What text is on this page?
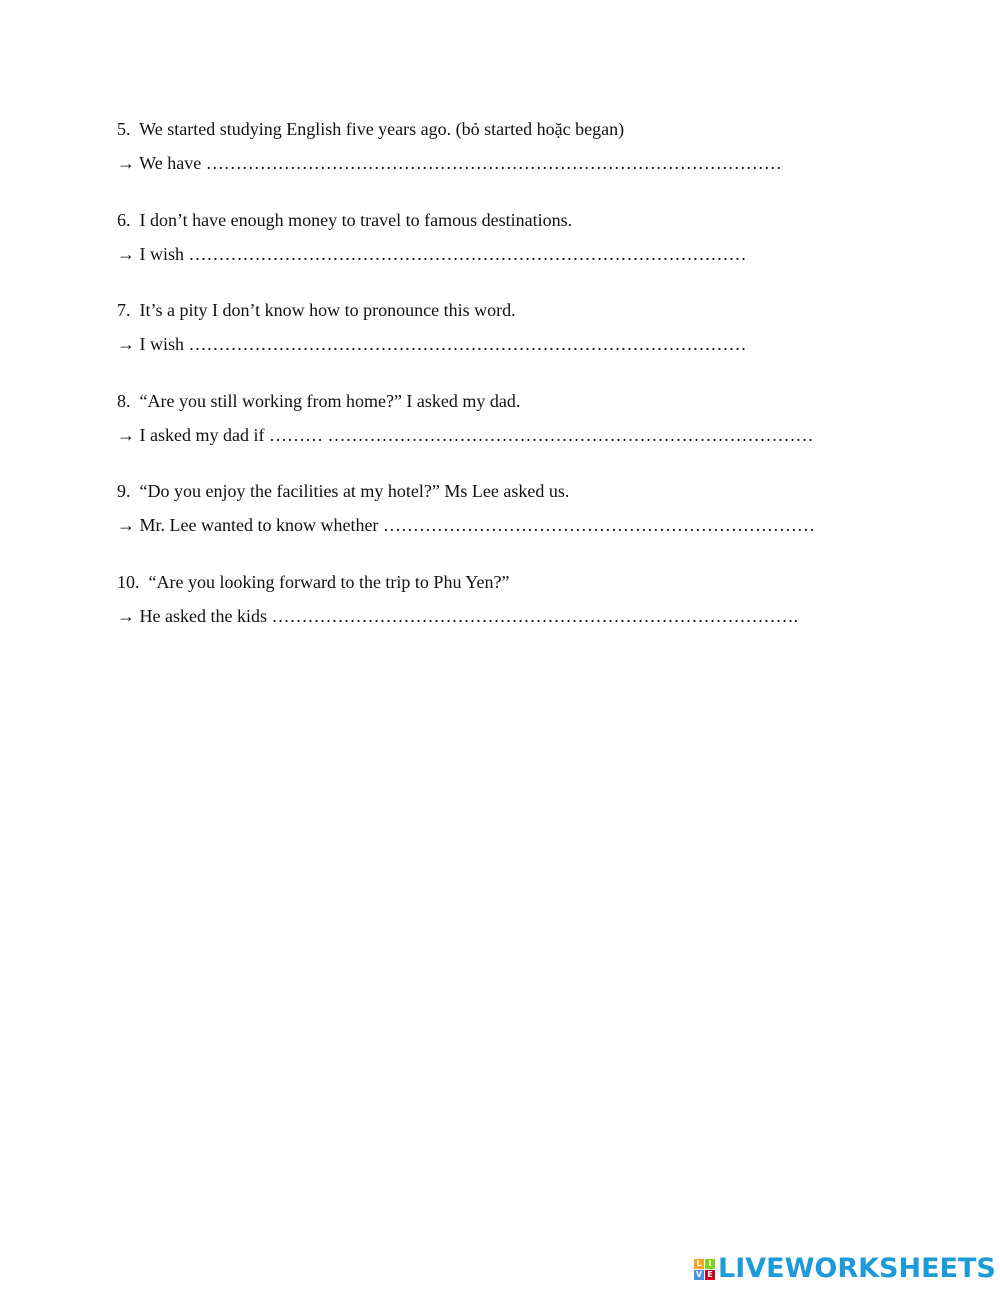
5.  We started studying English five years ago. (bỏ started hoặc began)

→ We have ……………………………………………………………………………………

6.  I don’t have enough money to travel to famous destinations.

→ I wish …………………………………………………………………………………

7.  It’s a pity I don’t know how to pronounce this word.

→ I wish …………………………………………………………………………………

8.  “Are you still working from home?” I asked my dad.

→ I asked my dad if ……… ………………………………………………………………………

9.  “Do you enjoy the facilities at my hotel?” Ms Lee asked us.

→ Mr. Lee wanted to know whether ………………………………………………………………

10.  “Are you looking forward to the trip to Phu Yen?”

→ He asked the kids …………………………………………………………………………….

L I
V E LIVEWORKSHEETS
